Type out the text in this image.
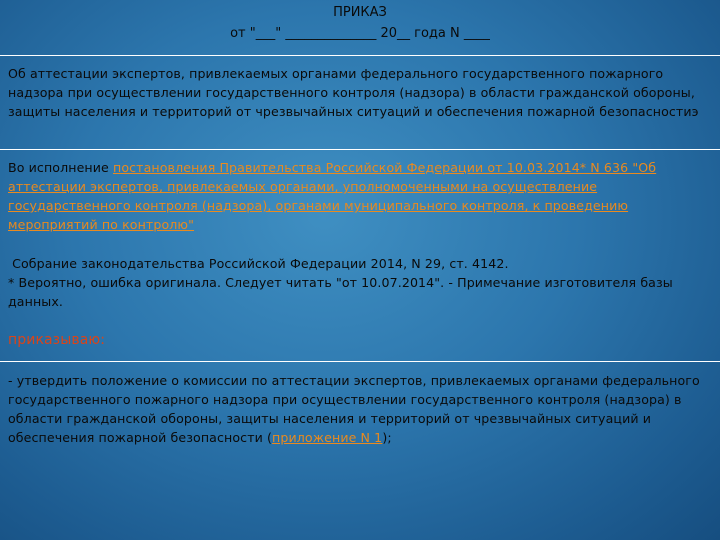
ПРИКАЗ
от "___" ______________ 20__ года N ____
Об аттестации экспертов, привлекаемых органами федерального государственного пожарного надзора при осуществлении государственного контроля (надзора) в области гражданской обороны, защиты населения и территорий от чрезвычайных ситуаций и обеспечения пожарной безопасностиэ
Во исполнение постановления Правительства Российской Федерации от 10.03.2014* N 636 "Об аттестации экспертов, привлекаемых органами, уполномоченными на осуществление государственного контроля (надзора), органами муниципального контроля, к проведению мероприятий по контролю"
Собрание законодательства Российской Федерации 2014, N 29, ст. 4142.
* Вероятно, ошибка оригинала. Следует читать "от 10.07.2014". - Примечание изготовителя базы данных.
приказываю:
- утвердить положение о комиссии по аттестации экспертов, привлекаемых органами федерального государственного пожарного надзора при осуществлении государственного контроля (надзора) в области гражданской обороны, защиты населения и территорий от чрезвычайных ситуаций и обеспечения пожарной безопасности (приложение N 1);
